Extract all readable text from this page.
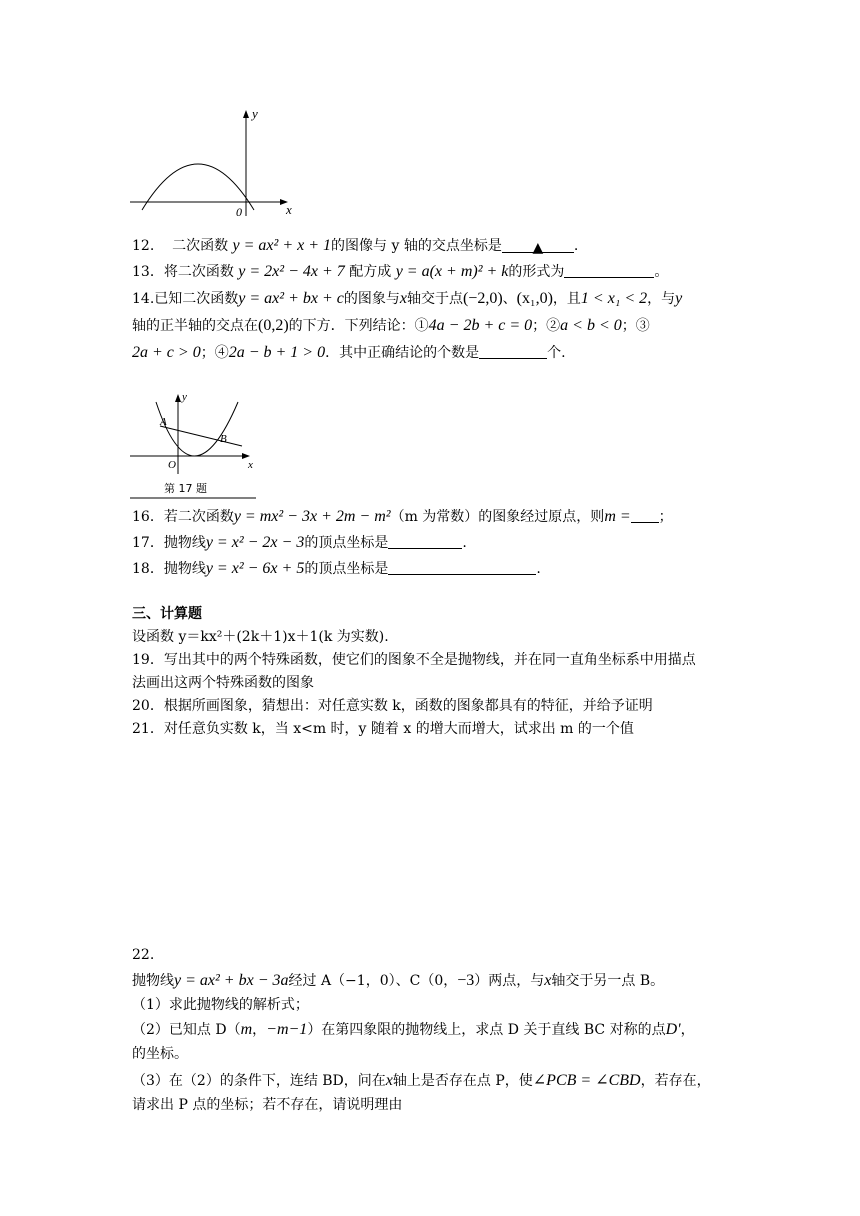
y
x
0
12. 二次函数 y = ax² + x + 1的图像与 y 轴的交点坐标是 ▲ .
13．将二次函数 y = 2x² − 4x + 7 配方成 y = a(x + m)² + k的形式为	。
14.已知二次函数y = ax² + bx + c的图象与x轴交于点(−2,0)、(x₁,0)，且1 < x₁ < 2，与y
轴的正半轴的交点在(0,2)的下方．下列结论：①4a − 2b + c = 0；②a < b < 0；③
2a + c > 0；④2a − b + 1 > 0．其中正确结论的个数是	个.
y
x
A
B
O
第 17 题
16．若二次函数y = mx² − 3x + 2m − m²（m 为常数）的图象经过原点，则m = ；
17．抛物线y = x² − 2x − 3的顶点坐标是	.
18．抛物线y = x² − 6x + 5的顶点坐标是	.
三、计算题
设函数 y＝kx²＋(2k＋1)x＋1(k 为实数).
19．写出其中的两个特殊函数，使它们的图象不全是抛物线，并在同一直角坐标系中用描点
法画出这两个特殊函数的图象
20．根据所画图象，猜想出：对任意实数 k，函数的图象都具有的特征，并给予证明
21．对任意负实数 k，当 x<m 时，y 随着 x 的增大而增大，试求出 m 的一个值
22.
抛物线y = ax² + bx − 3a经过 A（−1，0）、C（0，−3）两点，与x轴交于另一点 B。
（1）求此抛物线的解析式；
（2）已知点 D（m，−m−1）在第四象限的抛物线上，求点 D 关于直线 BC 对称的点D'，
的坐标。
（3）在（2）的条件下，连结 BD，问在x轴上是否存在点 P，使∠PCB = ∠CBD，若存在，
请求出 P 点的坐标；若不存在，请说明理由
